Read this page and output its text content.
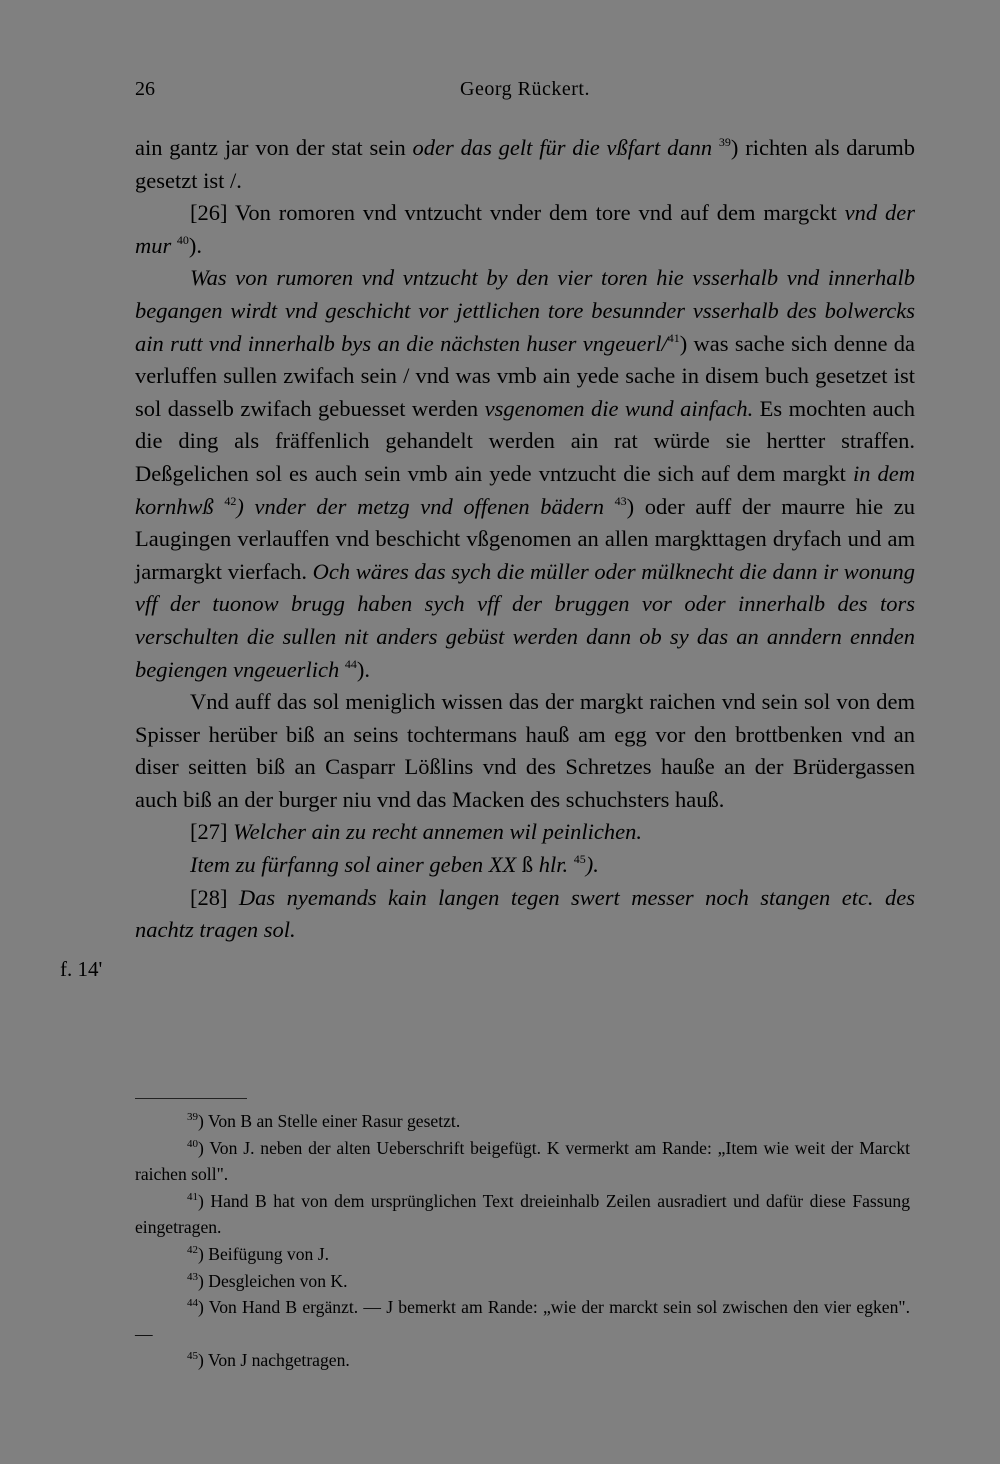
26	Georg Rückert.
f. 14'

ain gantz jar von der stat sein oder das gelt für die vßfart dann $^{39}$) richten als darumb gesetzt ist /.

[26] Von romoren vnd vntzucht vnder dem tore vnd auf dem margckt vnd der mur $^{40}$).

Was von rumoren vnd vntzucht by den vier toren hie vsserhalb vnd innerhalb begangen wirdt vnd geschicht vor jettlichen tore besunnder vsserhalb des bolwercks ain rutt vnd innerhalb bys an die nächsten huser vngeuerl/$^{41}$) was sache sich denne da verluffen sullen zwifach sein / vnd was vmb ain yede sache in disem buch gesetzet ist sol dasselb zwifach gebuesset werden vsgenomen die wund ainfach. Es mochten auch die ding als fräffenlich gehandelt werden ain rat würde sie hertter straffen. Deßgelichen sol es auch sein vmb ain yede vntzucht die sich auf dem margkt in dem kornhwß $^{42}$) vnder der metzg vnd offenen bädern $^{43}$) oder auff der maurre hie zu Laugingen verlauffen vnd beschicht vßgenomen an allen margkttagen dryfach und am jarmargkt vierfach. Och wäres das sych die müller oder mülknecht die dann ir wonung vff der tuonow brugg haben sych vff der bruggen vor oder innerhalb des tors verschulten die sullen nit anders gebüst werden dann ob sy das an anndern ennden begiengen vngeuerlich $^{44}$).

Vnd auff das sol meniglich wissen das der margkt raichen vnd sein sol von dem Spisser herüber biß an seins tochtermans hauß am egg vor den brottbenken vnd an diser seitten biß an Casparr Lößlins vnd des Schretzes hauße an der Brüdergassen auch biß an der burger niu vnd das Macken des schuchsters hauß.

[27] Welcher ain zu recht annemen wil peinlichen.

Item zu fürfanng sol ainer geben XX ß hlr. $^{45}$).

[28] Das nyemands kain langen tegen swert messer noch stangen etc. des nachtz tragen sol.

$^{39}$) Von B an Stelle einer Rasur gesetzt.

$^{40}$) Von J. neben der alten Ueberschrift beigefügt. K vermerkt am Rande: „Item wie weit der Marckt raichen soll".

$^{41}$) Hand B hat von dem ursprünglichen Text dreieinhalb Zeilen ausradiert und dafür diese Fassung eingetragen.

$^{42}$) Beifügung von J.

$^{43}$) Desgleichen von K.

$^{44}$) Von Hand B ergänzt. — J bemerkt am Rande: „wie der marckt sein sol zwischen den vier egken". —

$^{45}$) Von J nachgetragen.
